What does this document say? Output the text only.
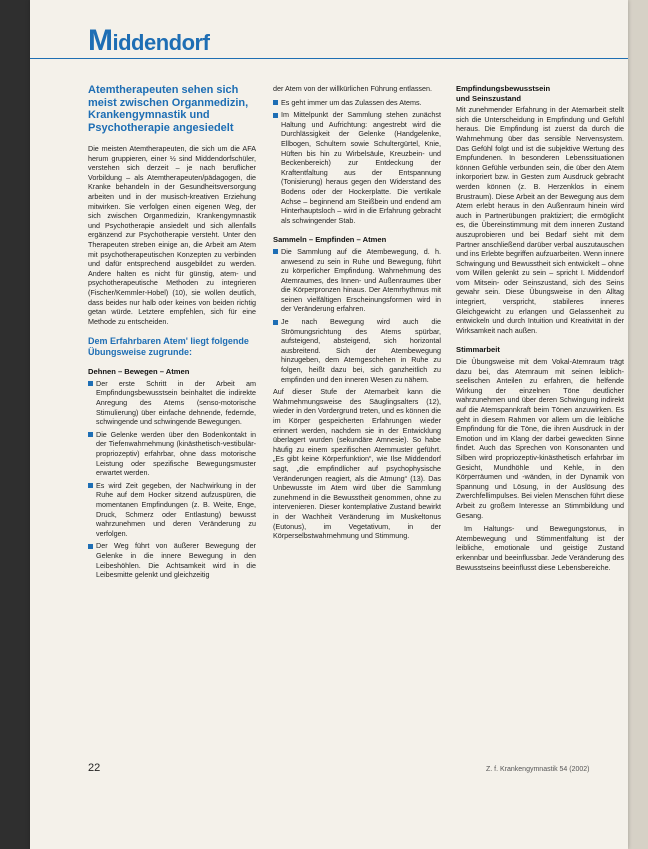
Middendorf
Atemtherapeuten sehen sich meist zwischen Organmedizin, Krankengymnastik und Psychotherapie angesiedelt

Die meisten Atemtherapeuten, die sich um die AFA herum gruppieren, einer ½ sind Middendorfschüler, verstehen sich derzeit – je nach beruflicher Vorbildung – als Atemtherapeuten/pädagogen, die Kranke behandeln in der Gesundheitsversorgung arbeiten und in der musisch-kreativen Erziehung mitwirken. Sie verfolgen einen eigenen Weg, der sich zwischen Organmedizin, Krankengymnastik und Psychotherapie ansiedelt und sich allenfalls ergänzend zur Psychotherapie versteht. Unter den Therapeuten streben einige an, die Arbeit am Atem mit psychotherapeutischen Konzepten zu verbinden und dafür entsprechend ausgebildet zu werden. Andere halten es nicht für günstig, atem- und psychotherapeutische Methoden zu integrieren (Fischer/Kemmler-Hobel) (10), sie wollen deutlich, dass beides nur halb oder keines von beiden richtig getan würde. Letztere empfehlen, sich für eine Methode zu entscheiden.

Dem Erfahrbaren Atem' liegt folgende Übungsweise zugrunde:
Dehnen – Bewegen – Atmen
Der erste Schritt in der Arbeit am Empfindungsbewusstsein beinhaltet die indirekte Anregung des Atems (senso-motorische Stimulierung) über einfache dehnende, federnde, schwingende und schwingende Bewegungen.
Die Gelenke werden über den Bodenkontakt in der Tiefenwahrnehmung (kinästhetisch-vestibulär-propriozeptiv) erfahrbar, ohne dass motorische Leistung oder spezifische Bewegungsmuster erwartet werden.
Es wird Zeit gegeben, der Nachwirkung in der Ruhe auf dem Hocker sitzend aufzuspüren, die momentanen Empfindungen (z. B. Weite, Enge, Druck, Schmerz oder Entlastung) bewusst wahrzunehmen und deren Veränderung zu verfolgen.
Der Weg führt von äußerer Bewegung der Gelenke in die innere Bewegung in den Leibeshöhlen. Die Achtsamkeit wird in die Leibesmitte gelenkt und gleichzeitig

der Atem von der willkürlichen Führung entlassen.

Es geht immer um das Zulassen des Atems.
Im Mittelpunkt der Sammlung stehen zunächst Haltung und Aufrichtung: angestrebt wird die Durchlässigkeit der Gelenke (Handgelenke, Ellbogen, Schultern sowie Schultergürtel, Knie, Hüften bis hin zu Wirbelsäule, Kreuzbein- und Beckenbereich) zur Entdeckung der Kraftentfaltung aus der Entspannung (Tonisierung) heraus gegen den Widerstand des Bodens oder der Hockerplatte. Die vertikale Achse – beginnend am Steißbein und endend am Hinterhauptsloch – wird in die Erfahrung gebracht als schwingender Stab.
Sammeln – Empfinden – Atmen
Die Sammlung auf die Atembewegung, d. h. anwesend zu sein in Ruhe und Bewegung, führt zu körperlicher Empfindung. Wahrnehmung des Atemraumes, des Innen- und Außenraumes über die Körperpronzen hinaus. Der Atemrhythmus mit seinen vielfältigen Erscheinungsformen wird in der Veränderung erfahren.
Je nach Bewegung wird auch die Strömungsrichtung des Atems spürbar, aufsteigend, absteigend, sich horizontal ausbreitend. Sich der Atembewegung hinzugeben, dem Atemgeschehen in Ruhe zu folgen, heißt dazu bei, sich ganzheitlich zu empfinden und den inneren Wesen zu nähern.

Auf dieser Stufe der Atemarbeit kann die Wahrnehmungsweise des Säuglingsalters (12), wieder in den Vordergrund treten, und es können die im Körper gespeicherten Erfahrungen wieder erinnert werden, nachdem sie in der Entwicklung überlagert wurden (sekundäre Amnesie). So habe häufig zu einem spezifischen Atemmuster geführt. „Es gibt keine Körperfunktion“, wie Ilse Middendorf sagt, „die empfindlicher auf psychophysische Veränderungen reagiert, als die Atmung“ (13). Das Unbewusste im Atem wird über die Sammlung zunehmend in die Bewusstheit genommen, ohne zu intervenieren. Dieser kontemplative Zustand bewirkt in der Wachheit Veränderung im Muskeltonus (Eutonus), im Vegetativum, in der Körperselbstwahrnehmung und Stimmung.

Empfindungsbewusstsein
und Seinszustand

Mit zunehmender Erfahrung in der Atemarbeit stellt sich die Unterscheidung in Empfindung und Gefühl heraus. Die Empfindung ist zuerst da durch die Wahrnehmung über das sensible Nervensystem. Das Gefühl folgt und ist die subjektive Wertung des Empfundenen. In besonderen Lebenssituationen können Gefühle verbunden sein, die über den Atem inkorporiert bzw. in Gesten zum Ausdruck gebracht werden können (z. B. Herzenklos in einem Brustraum). Diese Arbeit an der Bewegung aus dem Atem erlebt heraus in den Außenraum hinein wird auch in Partnerübungen praktiziert; die ermöglicht es, die Übereinstimmung mit dem inneren Zustand auszuprobieren und bei Bedarf sieht mit dem Partner anschließend darüber verbal auszutauschen und ins Erlebte begriffen aufzuarbeiten. Wenn innere Schwingung und Bewusstheit sich entwickelt – ohne vom Willen gelenkt zu sein – spricht I. Middendorf vom Mitsein- oder Seinszustand, sich des Seins gewahr sein. Diese Übungsweise in den Alltag integriert, verspricht, stabileres inneres Gleichgewicht zu erlangen und Gelassenheit zu entwickeln und durch Intuition und Kreativität in der Wirksamkeit nach außen.

Stimmarbeit

Die Übungsweise mit dem Vokal-Atemraum trägt dazu bei, das Atemraum mit seinen leiblich-seelischen Anteilen zu erfahren, die helfende Wirkung der einzelnen Töne deutlicher wahrzunehmen und über deren Schwingung indirekt auf die Atemspannkraft beim Tönen anzuwirken. Es geht in diesem Rahmen vor allem um die leibliche Empfindung für die Töne, die ihren Ausdruck in der Emotion und im Klang der darbei geweckten Sinne findet. Auch das Sprechen von Konsonanten und Silben wird propriozeptiv-kinästhetisch erfahrbar im Gesicht, Mundhöhle und Kehle, in den Körperräumen und -wänden, in der Dynamik von Spannung und Lösung, in der Auslösung des Zwerchfellimpulses. Bei vielen Menschen führt diese Arbeit zu großem Interesse an Stimmbildung und Gesang.

Im Haltungs- und Bewegungstonus, in Atembewegung und Stimmentfaltung ist der leibliche, emotionale und geistige Zustand erkennbar und beeinflussbar. Jede Veränderung des Bewusstseins beeinflusst diese Lebensbereiche.

22	Z. f. Krankengymnastik 54 (2002)
